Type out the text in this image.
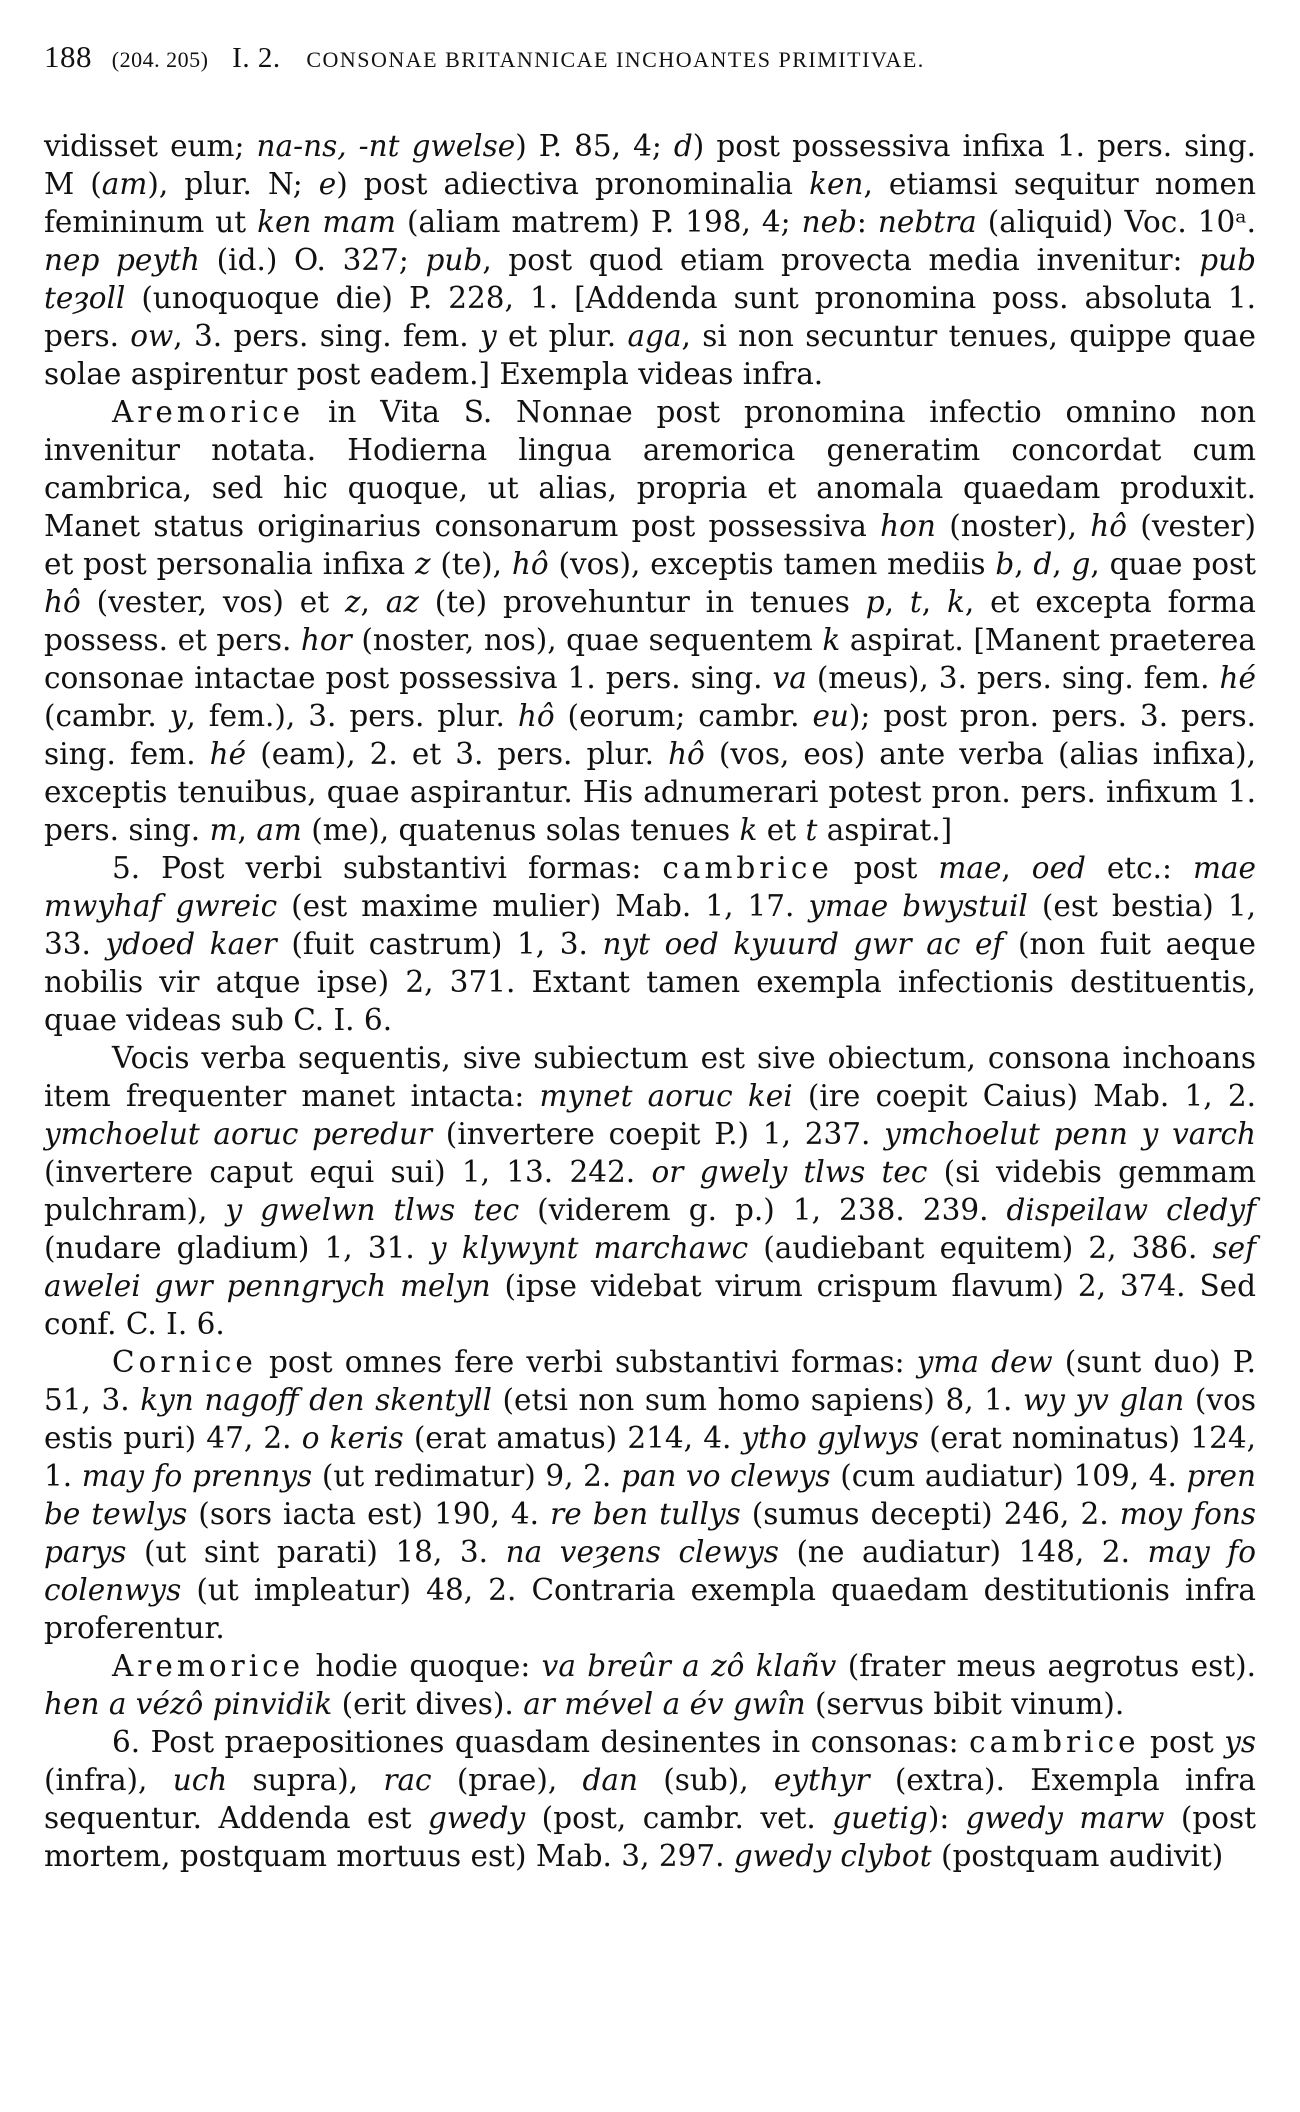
188 (204. 205) I. 2. CONSONAE BRITANNICAE INCHOANTES PRIMITIVAE.

vidisset eum; na-ns, -nt gwelse) P. 85, 4; d) post possessiva infixa 1. pers. sing. M (am), plur. N; e) post adiectiva pronominalia ken, etiamsi sequitur nomen femininum ut ken mam (aliam matrem) P. 198, 4; neb: nebtra (aliquid) Voc. 10ᵃ. nep peyth (id.) O. 327; pub, post quod etiam provecta media invenitur: pub teȝoll (unoquoque die) P. 228, 1. [Addenda sunt pronomina poss. absoluta 1. pers. ow, 3. pers. sing. fem. y et plur. aga, si non secuntur tenues, quippe quae solae aspirentur post eadem.] Exempla videas infra.

Aremorice in Vita S. Nonnae post pronomina infectio omnino non invenitur notata. Hodierna lingua aremorica generatim concordat cum cambrica, sed hic quoque, ut alias, propria et anomala quaedam produxit. Manet status originarius consonarum post possessiva hon (noster), hô (vester) et post personalia infixa z (te), hô (vos), exceptis tamen mediis b, d, g, quae post hô (vester, vos) et z, az (te) provehuntur in tenues p, t, k, et excepta forma possess. et pers. hor (noster, nos), quae sequentem k aspirat. [Manent praeterea consonae intactae post possessiva 1. pers. sing. va (meus), 3. pers. sing. fem. hé (cambr. y, fem.), 3. pers. plur. hô (eorum; cambr. eu); post pron. pers. 3. pers. sing. fem. hé (eam), 2. et 3. pers. plur. hô (vos, eos) ante verba (alias infixa), exceptis tenuibus, quae aspirantur. His adnumerari potest pron. pers. infixum 1. pers. sing. m, am (me), quatenus solas tenues k et t aspirat.]

5. Post verbi substantivi formas: cambrice post mae, oed etc.: mae mwyhaf gwreic (est maxime mulier) Mab. 1, 17. ymae bwystuil (est bestia) 1, 33. ydoed kaer (fuit castrum) 1, 3. nyt oed kyuurd gwr ac ef (non fuit aeque nobilis vir atque ipse) 2, 371. Extant tamen exempla infectionis destituentis, quae videas sub C. I. 6.

Vocis verba sequentis, sive subiectum est sive obiectum, consona inchoans item frequenter manet intacta: mynet aoruc kei (ire coepit Caius) Mab. 1, 2. ymchoelut aoruc peredur (invertere coepit P.) 1, 237. ymchoelut penn y varch (invertere caput equi sui) 1, 13. 242. or gwely tlws tec (si videbis gemmam pulchram), y gwelwn tlws tec (viderem g. p.) 1, 238. 239. dispeilaw cledyf (nudare gladium) 1, 31. y klywynt marchawc (audiebant equitem) 2, 386. sef awelei gwr penngrych melyn (ipse videbat virum crispum flavum) 2, 374. Sed conf. C. I. 6.

Cornice post omnes fere verbi substantivi formas: yma dew (sunt duo) P. 51, 3. kyn nagoff den skentyll (etsi non sum homo sapiens) 8, 1. wy yv glan (vos estis puri) 47, 2. o keris (erat amatus) 214, 4. ytho gylwys (erat nominatus) 124, 1. may fo prennys (ut redimatur) 9, 2. pan vo clewys (cum audiatur) 109, 4. pren be tewlys (sors iacta est) 190, 4. re ben tullys (sumus decepti) 246, 2. moy fons parys (ut sint parati) 18, 3. na veȝens clewys (ne audiatur) 148, 2. may fo colenwys (ut impleatur) 48, 2. Contraria exempla quaedam destitutionis infra proferentur.

Aremorice hodie quoque: va breûr a zô klañv (frater meus aegrotus est). hen a vézô pinvidik (erit dives). ar mével a év gwîn (servus bibit vinum).

6. Post praepositiones quasdam desinentes in consonas: cambrice post ys (infra), uch supra), rac (prae), dan (sub), eythyr (extra). Exempla infra sequentur. Addenda est gwedy (post, cambr. vet. guetig): gwedy marw (post mortem, postquam mortuus est) Mab. 3, 297. gwedy clybot (postquam audivit)
